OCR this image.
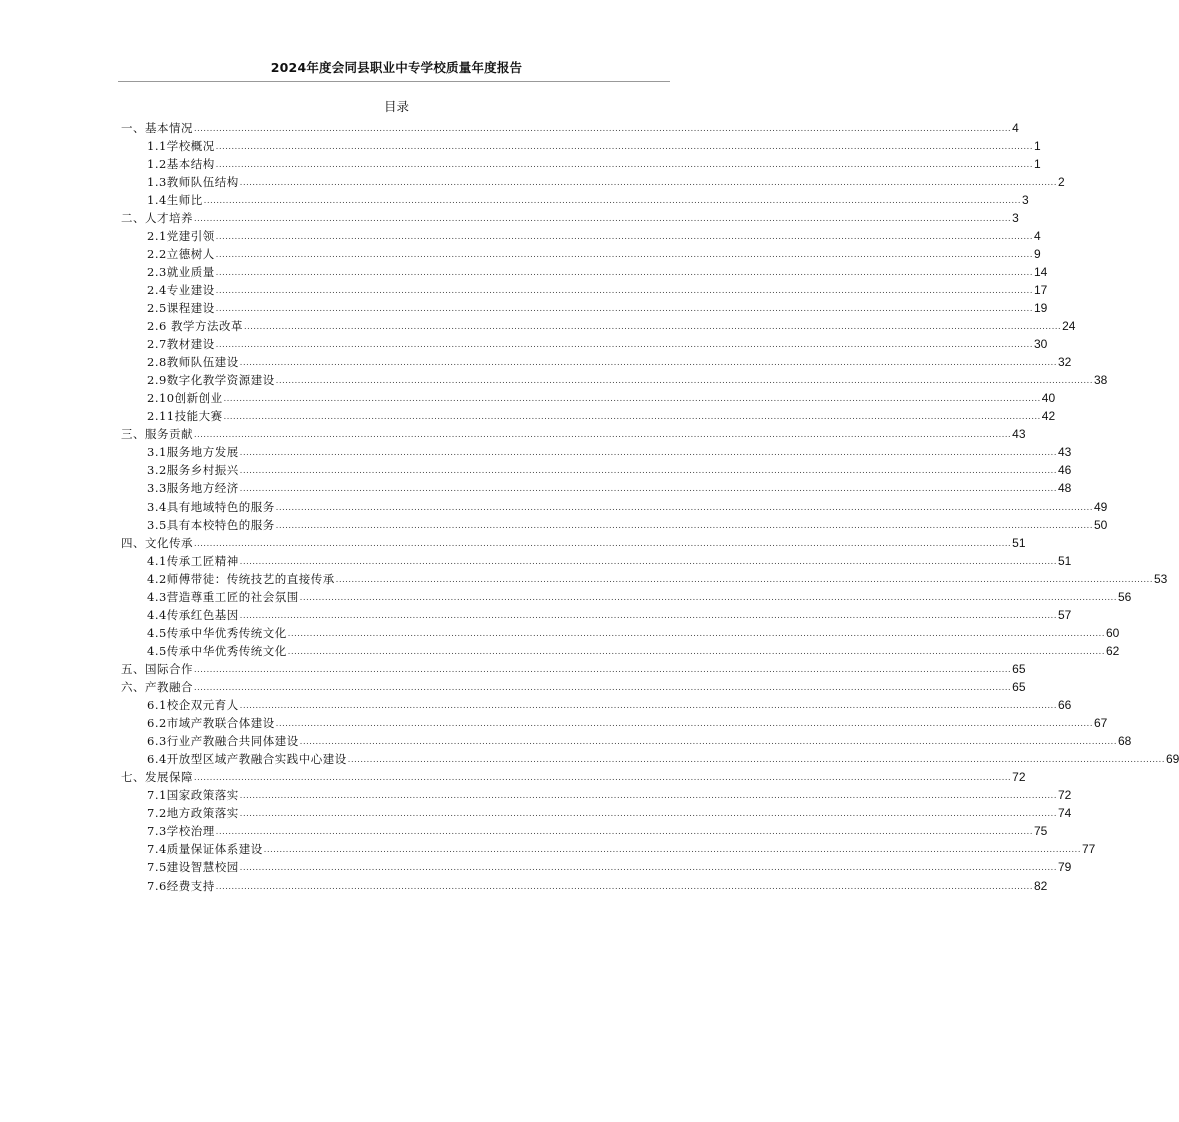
2024年度会同县职业中专学校质量年度报告
目录
一、基本情况 .................................................................................................................................................................................................................................................................... 4
1.1学校概况 .................................................................................................................................................................................................................................................................... 1
1.2基本结构 .................................................................................................................................................................................................................................................................... 1
1.3教师队伍结构 .................................................................................................................................................................................................................................................................... 2
1.4生师比 .................................................................................................................................................................................................................................................................... 3
二、人才培养 .................................................................................................................................................................................................................................................................... 3
2.1党建引领 .................................................................................................................................................................................................................................................................... 4
2.2立德树人 .................................................................................................................................................................................................................................................................... 9
2.3就业质量 .................................................................................................................................................................................................................................................................... 14
2.4专业建设 .................................................................................................................................................................................................................................................................... 17
2.5课程建设 .................................................................................................................................................................................................................................................................... 19
2.6 教学方法改革 .................................................................................................................................................................................................................................................................... 24
2.7教材建设 .................................................................................................................................................................................................................................................................... 30
2.8教师队伍建设 .................................................................................................................................................................................................................................................................... 32
2.9数字化教学资源建设 .................................................................................................................................................................................................................................................................... 38
2.10创新创业 .................................................................................................................................................................................................................................................................... 40
2.11技能大赛 .................................................................................................................................................................................................................................................................... 42
三、服务贡献 .................................................................................................................................................................................................................................................................... 43
3.1服务地方发展 .................................................................................................................................................................................................................................................................... 43
3.2服务乡村振兴 .................................................................................................................................................................................................................................................................... 46
3.3服务地方经济 .................................................................................................................................................................................................................................................................... 48
3.4具有地域特色的服务 .................................................................................................................................................................................................................................................................... 49
3.5具有本校特色的服务 .................................................................................................................................................................................................................................................................... 50
四、文化传承 .................................................................................................................................................................................................................................................................... 51
4.1传承工匠精神 .................................................................................................................................................................................................................................................................... 51
4.2师傅带徒：传统技艺的直接传承 .................................................................................................................................................................................................................................................................... 53
4.3营造尊重工匠的社会氛围 .................................................................................................................................................................................................................................................................... 56
4.4传承红色基因 .................................................................................................................................................................................................................................................................... 57
4.5传承中华优秀传统文化 .................................................................................................................................................................................................................................................................... 60
4.5传承中华优秀传统文化 .................................................................................................................................................................................................................................................................... 62
五、国际合作 .................................................................................................................................................................................................................................................................... 65
六、产教融合 .................................................................................................................................................................................................................................................................... 65
6.1校企双元育人 .................................................................................................................................................................................................................................................................... 66
6.2市域产教联合体建设 .................................................................................................................................................................................................................................................................... 67
6.3行业产教融合共同体建设 .................................................................................................................................................................................................................................................................... 68
6.4开放型区域产教融合实践中心建设 .................................................................................................................................................................................................................................................................... 69
七、发展保障 .................................................................................................................................................................................................................................................................... 72
7.1国家政策落实 .................................................................................................................................................................................................................................................................... 72
7.2地方政策落实 .................................................................................................................................................................................................................................................................... 74
7.3学校治理 .................................................................................................................................................................................................................................................................... 75
7.4质量保证体系建设 .................................................................................................................................................................................................................................................................... 77
7.5建设智慧校园 .................................................................................................................................................................................................................................................................... 79
7.6经费支持 .................................................................................................................................................................................................................................................................... 82
